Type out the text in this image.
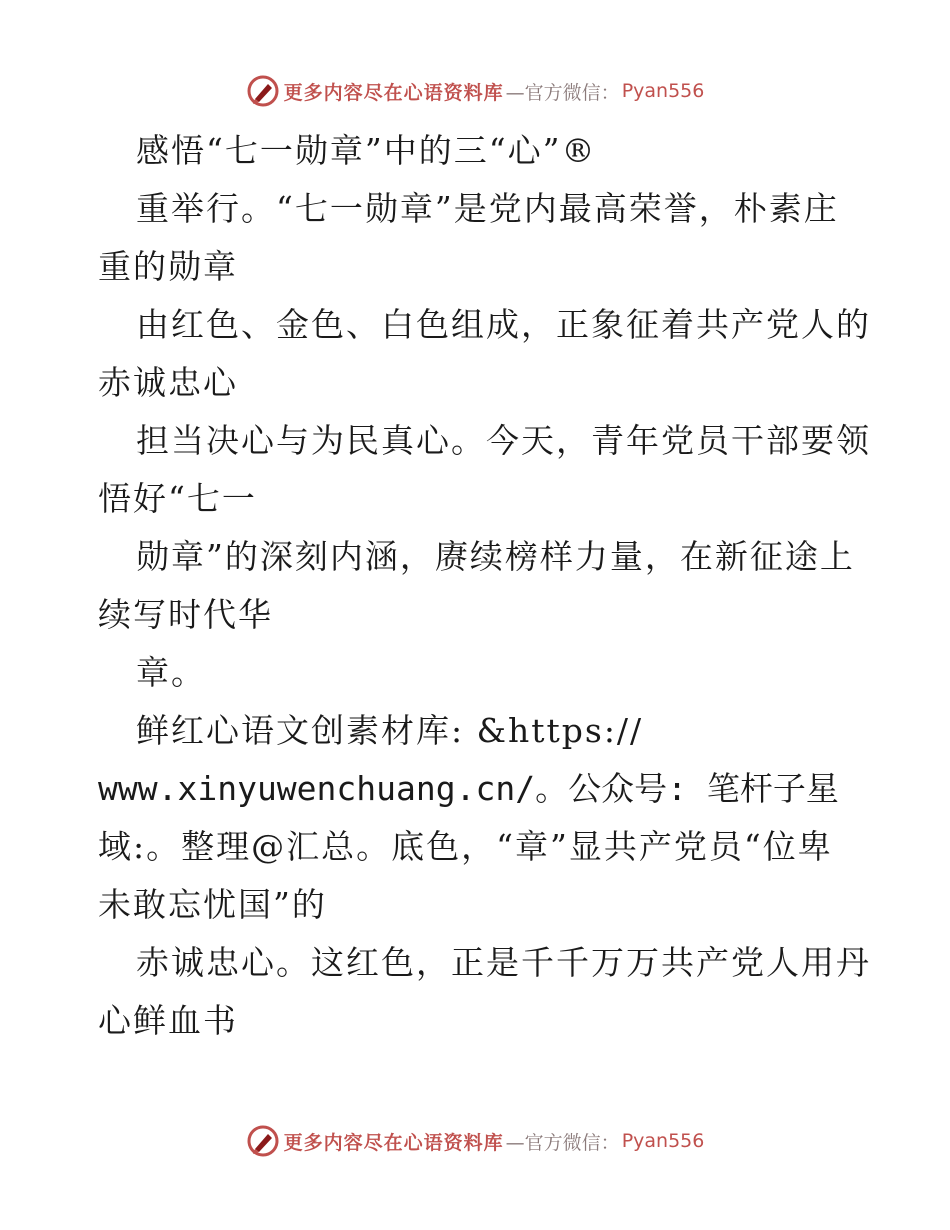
更多内容尽在心语资料库 —官方微信： Pyan556
感悟“七一勋章”中的三“心”®
重举行。“七一勋章”是党内最高荣誉，朴素庄
重的勋章
由红色、金色、白色组成，正象征着共产党人的
赤诚忠心
担当决心与为民真心。今天，青年党员干部要领
悟好“七一
勋章”的深刻内涵，赓续榜样力量，在新征途上
续写时代华
章。
鲜红心语文创素材库: &https://
www.xinyuwenchuang.cn/。公众号: 笔杆子星
域:。整理@汇总。底色，“章”显共产党员“位卑
未敢忘忧国”的
赤诚忠心。这红色，正是千千万万共产党人用丹
心鲜血书
更多内容尽在心语资料库 —官方微信： Pyan556
